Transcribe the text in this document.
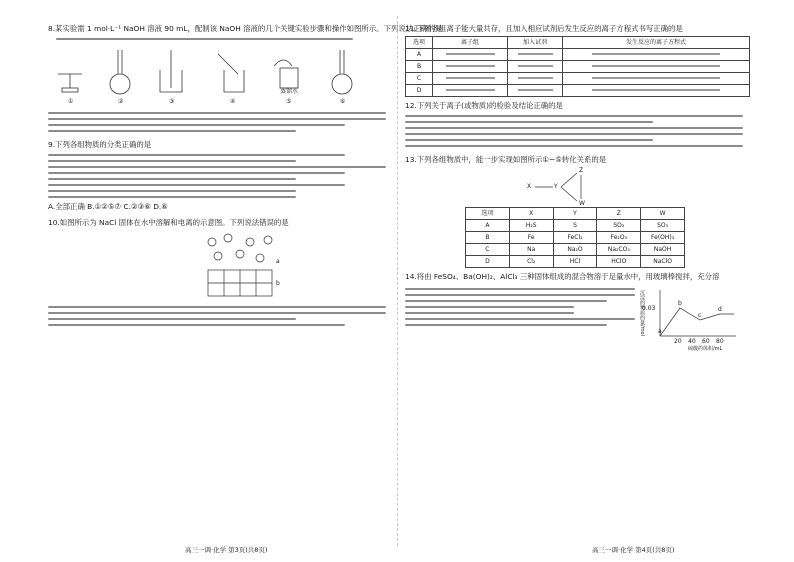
8.某实验需 1 mol·L⁻¹ NaOH 溶液 90 mL，配制该 NaOH 溶液的几个关键实验步骤和操作如图所示。下列说法正确的是
①	②	③	④	⑤	⑥
蒸馏水
9.下列各组物质的分类正确的是
A.全部正确 B.①②⑤⑦ C.②③⑥ D.⑥
10.如图所示为 NaCl 固体在水中溶解和电离的示意图。下列说法错误的是
a
b
11.下列各组离子能大量共存，且加入相应试剂后发生反应的离子方程式书写正确的是
选项	离子组	加入试剂	发生反应的离子方程式
A			
B			
C			
D			
12.下列关于离子(或物质)的检验及结论正确的是
13.下列各组物质中，能一步实现如图所示①~⑤转化关系的是
X	Y
Z
W
选项	X	Y	Z	W
A	H₂S	S	SO₂	SO₃
B	Fe	FeCl₂	Fe₂O₃	Fe(OH)₃
C	Na	Na₂O	Na₂CO₃	NaOH
D	Cl₂	HCl	HClO	NaClO
14.将由 FeSO₄、Ba(OH)₂、AlCl₃ 三种固体组成的混合物溶于足量水中，用玻璃棒搅拌，充分溶
0.03
20 40 60 80
a
b
c
d
硫酸的体积/mL
沉淀的物质的量/mol
高三一调·化学 第3页(共8页)	高三一调·化学 第4页(共8页)
